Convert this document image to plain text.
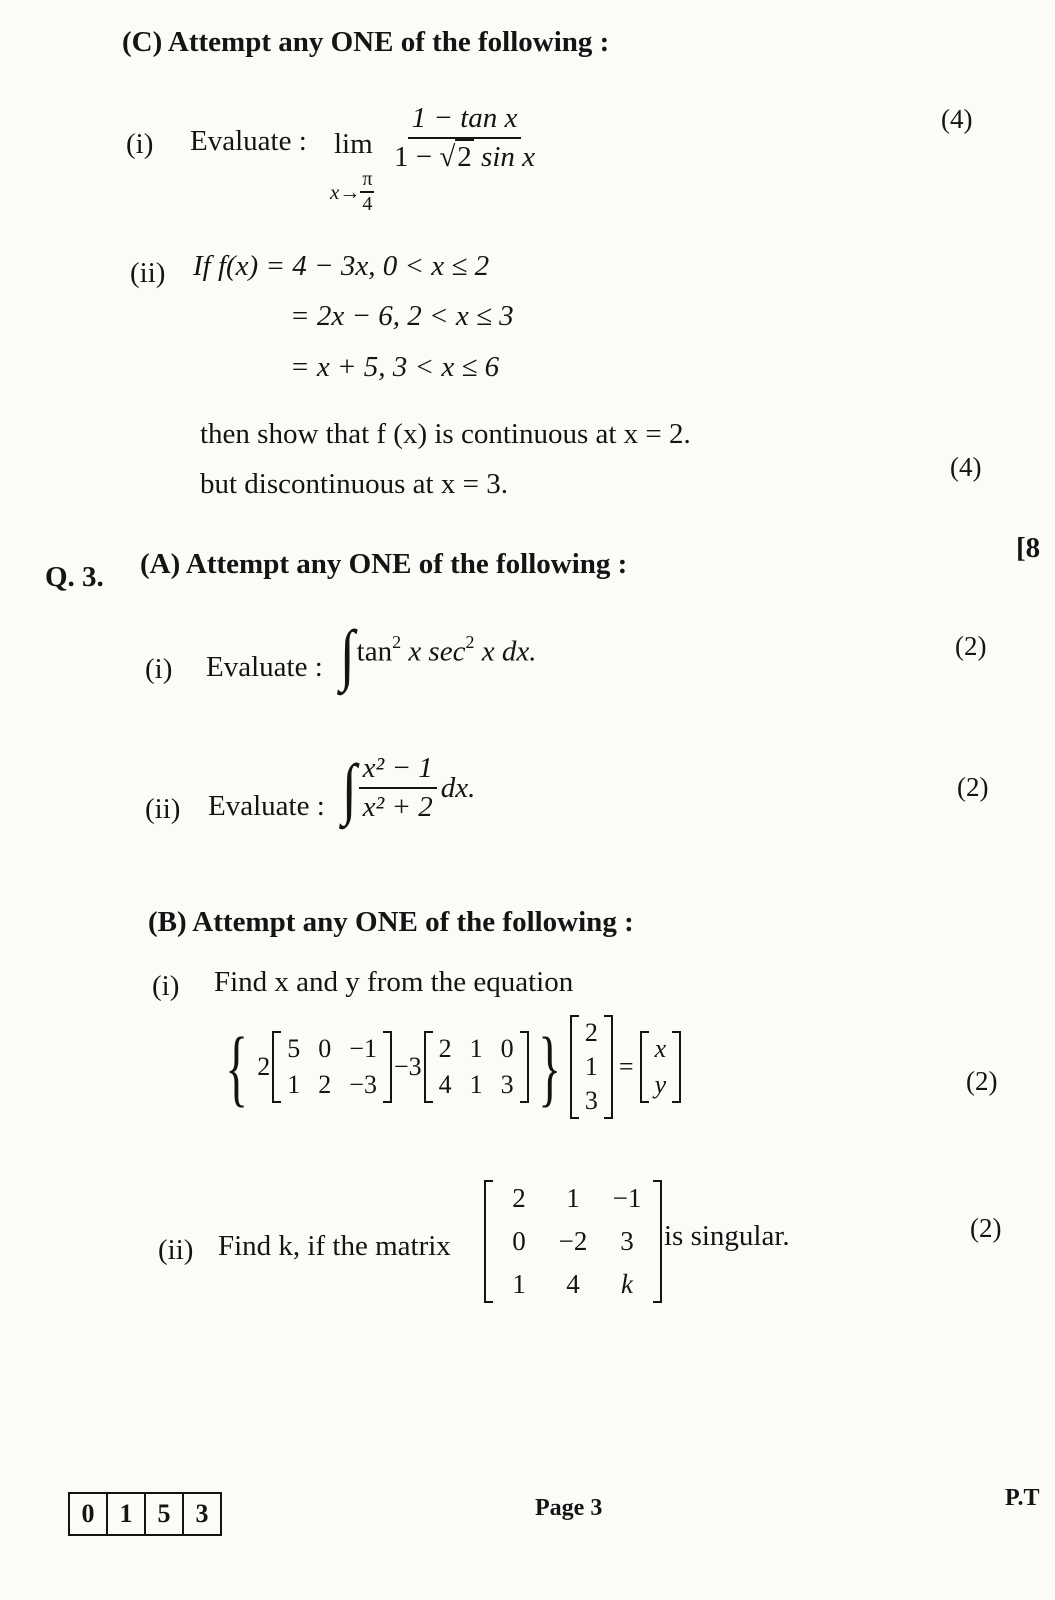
(C) Attempt any ONE of the following :
(i) Evaluate : lim
$x\to \frac{\pi}{4}$
$\frac{\text{1 − tan x}}{\text{1 − √2 sin x}}$	(4)
(ii) If f(x) = 4 − 3x, 0 < x ≤ 2
= 2x − 6, 2 < x ≤ 3
= x + 5, 3 < x ≤ 6
then show that f (x) is continuous at x = 2.
but discontinuous at x = 3.
(4)
Q. 3. (A) Attempt any ONE of the following :	[8
(i) Evaluate : $\int\tan^2$ x $\sec^2 x$ dx.	(2)
(ii) Evaluate : ∫ $\frac{\text{x² − 1}}{\text{x² + 2}}$ dx.	(2)
(B) Attempt any ONE of the following :
(i) Find x and y from the equation
{ 2
5 0 −1
1 2 −3
−3
2 1 0
4 1 3 } 2
1
3
=
x
y	(2)
(ii) Find k, if the matrix
2	1	−1
0	−2	3
1	4	k
is singular.	(2)
0 1 5 3	Page 3	P.T
